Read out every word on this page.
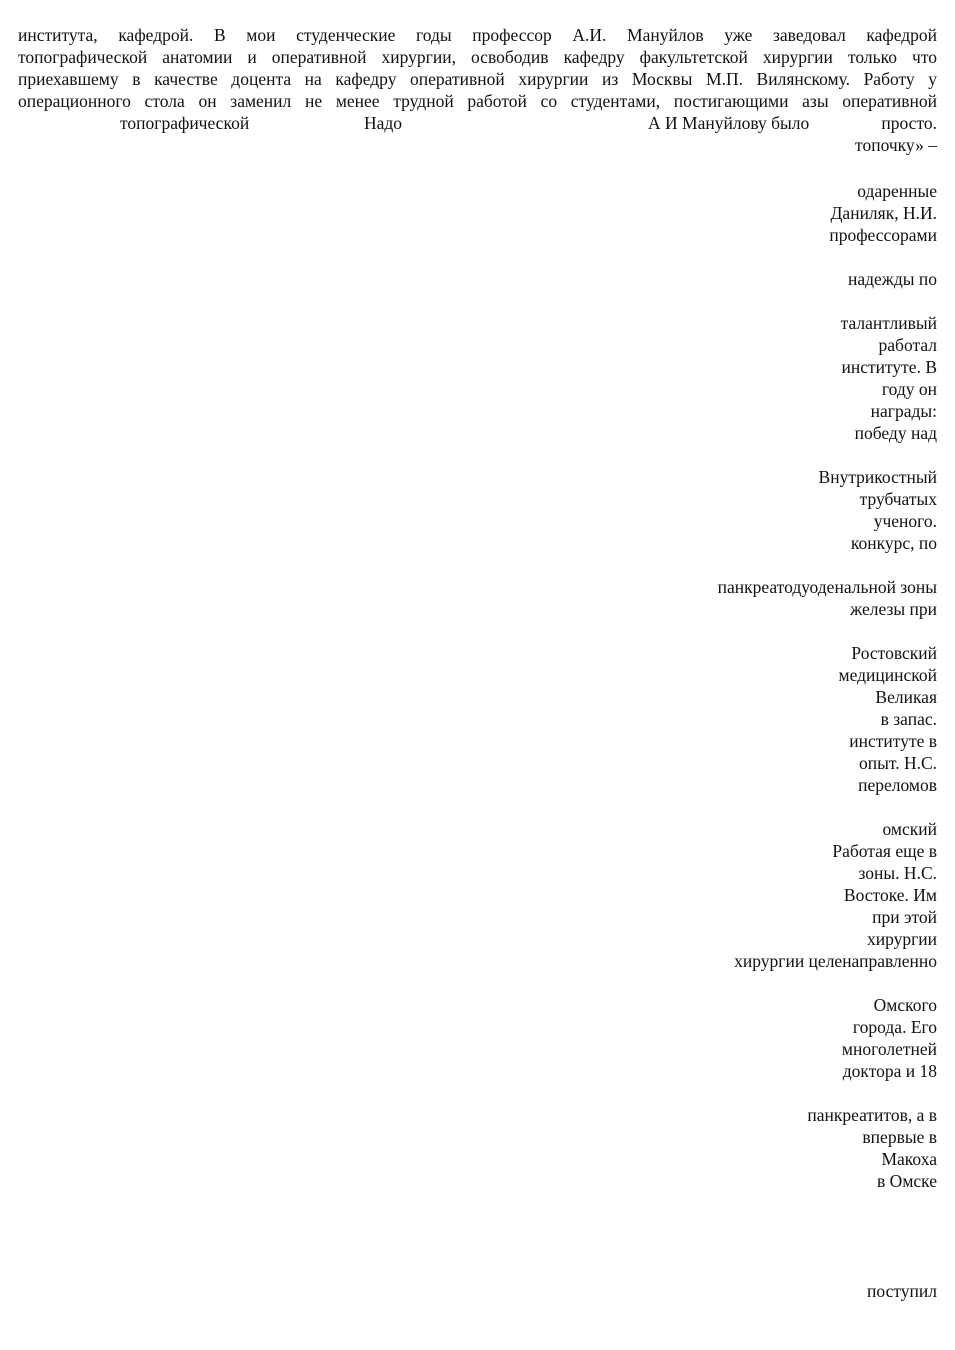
института, кафедрой. В мои студенческие годы профессор А.И. Мануйлов уже заведовал кафедрой
топографической анатомии и оперативной хирургии, освободив кафедру факультетской хирургии только что
приехавшему в качестве доцента на кафедру оперативной хирургии из Москвы М.П. Вилянскому. Работу у
операционного стола он заменил не менее трудной работой со студентами, постигающими азы оперативной
топографической	Надо	А И Мануйлову было	просто.
топочку» –
одаренные
Даниляк, Н.И.
профессорами
надежды по
талантливый
работал
институте. В
году он
награды:
победу над
Внутрикостный
трубчатых
ученого.
конкурс, по
панкреатодуоденальной зоны
железы при
Ростовский
медицинской
Великая
в запас.
институте в
опыт. Н.С.
переломов
омский
Работая еще в
зоны. Н.С.
Востоке. Им
при этой
хирургии
хирургии целенаправленно
Омского
города. Его
многолетней
доктора и 18
панкреатитов, а в
впервые в
Макоха
в Омске
поступил
